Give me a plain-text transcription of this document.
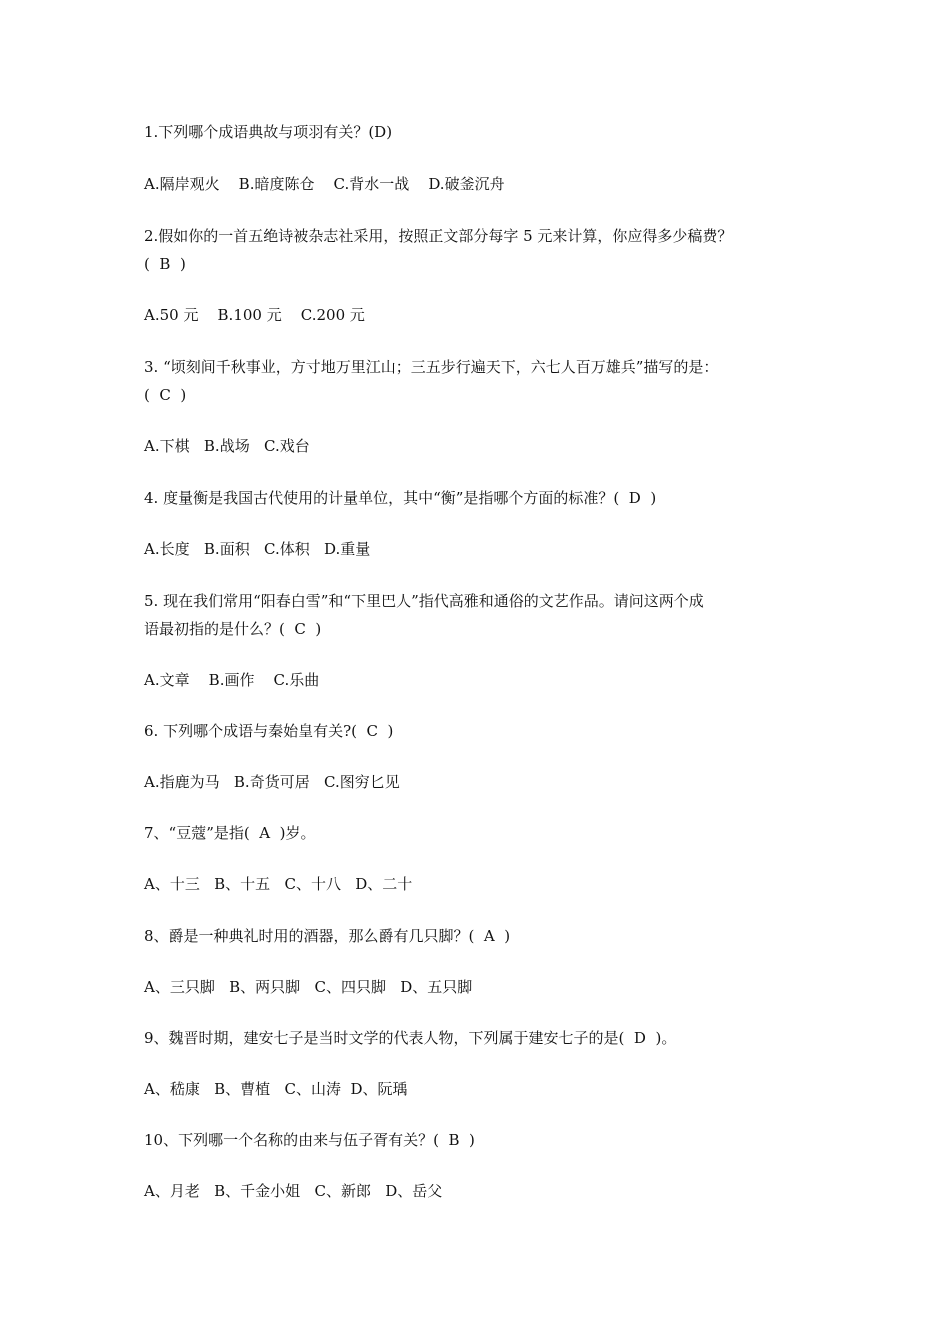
1.下列哪个成语典故与项羽有关？(D)
A.隔岸观火    B.暗度陈仓    C.背水一战    D.破釜沉舟
2.假如你的一首五绝诗被杂志社采用，按照正文部分每字 5 元来计算，你应得多少稿费？
(  B  )
A.50 元    B.100 元    C.200 元
3. “顷刻间千秋事业，方寸地万里江山；三五步行遍天下，六七人百万雄兵”描写的是：
(  C  )
A.下棋   B.战场   C.戏台
4. 度量衡是我国古代使用的计量单位，其中“衡”是指哪个方面的标准？(  D  )
A.长度   B.面积   C.体积   D.重量
5. 现在我们常用“阳春白雪”和“下里巴人”指代高雅和通俗的文艺作品。请问这两个成
语最初指的是什么？(  C  )
A.文章    B.画作    C.乐曲
6. 下列哪个成语与秦始皇有关?(  C  )
A.指鹿为马   B.奇货可居   C.图穷匕见
7、“豆蔻”是指(  A  )岁。
A、十三   B、十五   C、十八   D、二十
8、爵是一种典礼时用的酒器，那么爵有几只脚？(  A  )
A、三只脚   B、两只脚   C、四只脚   D、五只脚
9、魏晋时期，建安七子是当时文学的代表人物，下列属于建安七子的是(  D  )。
A、嵇康   B、曹植   C、山涛  D、阮瑀
10、下列哪一个名称的由来与伍子胥有关？(  B  )
A、月老   B、千金小姐   C、新郎   D、岳父
